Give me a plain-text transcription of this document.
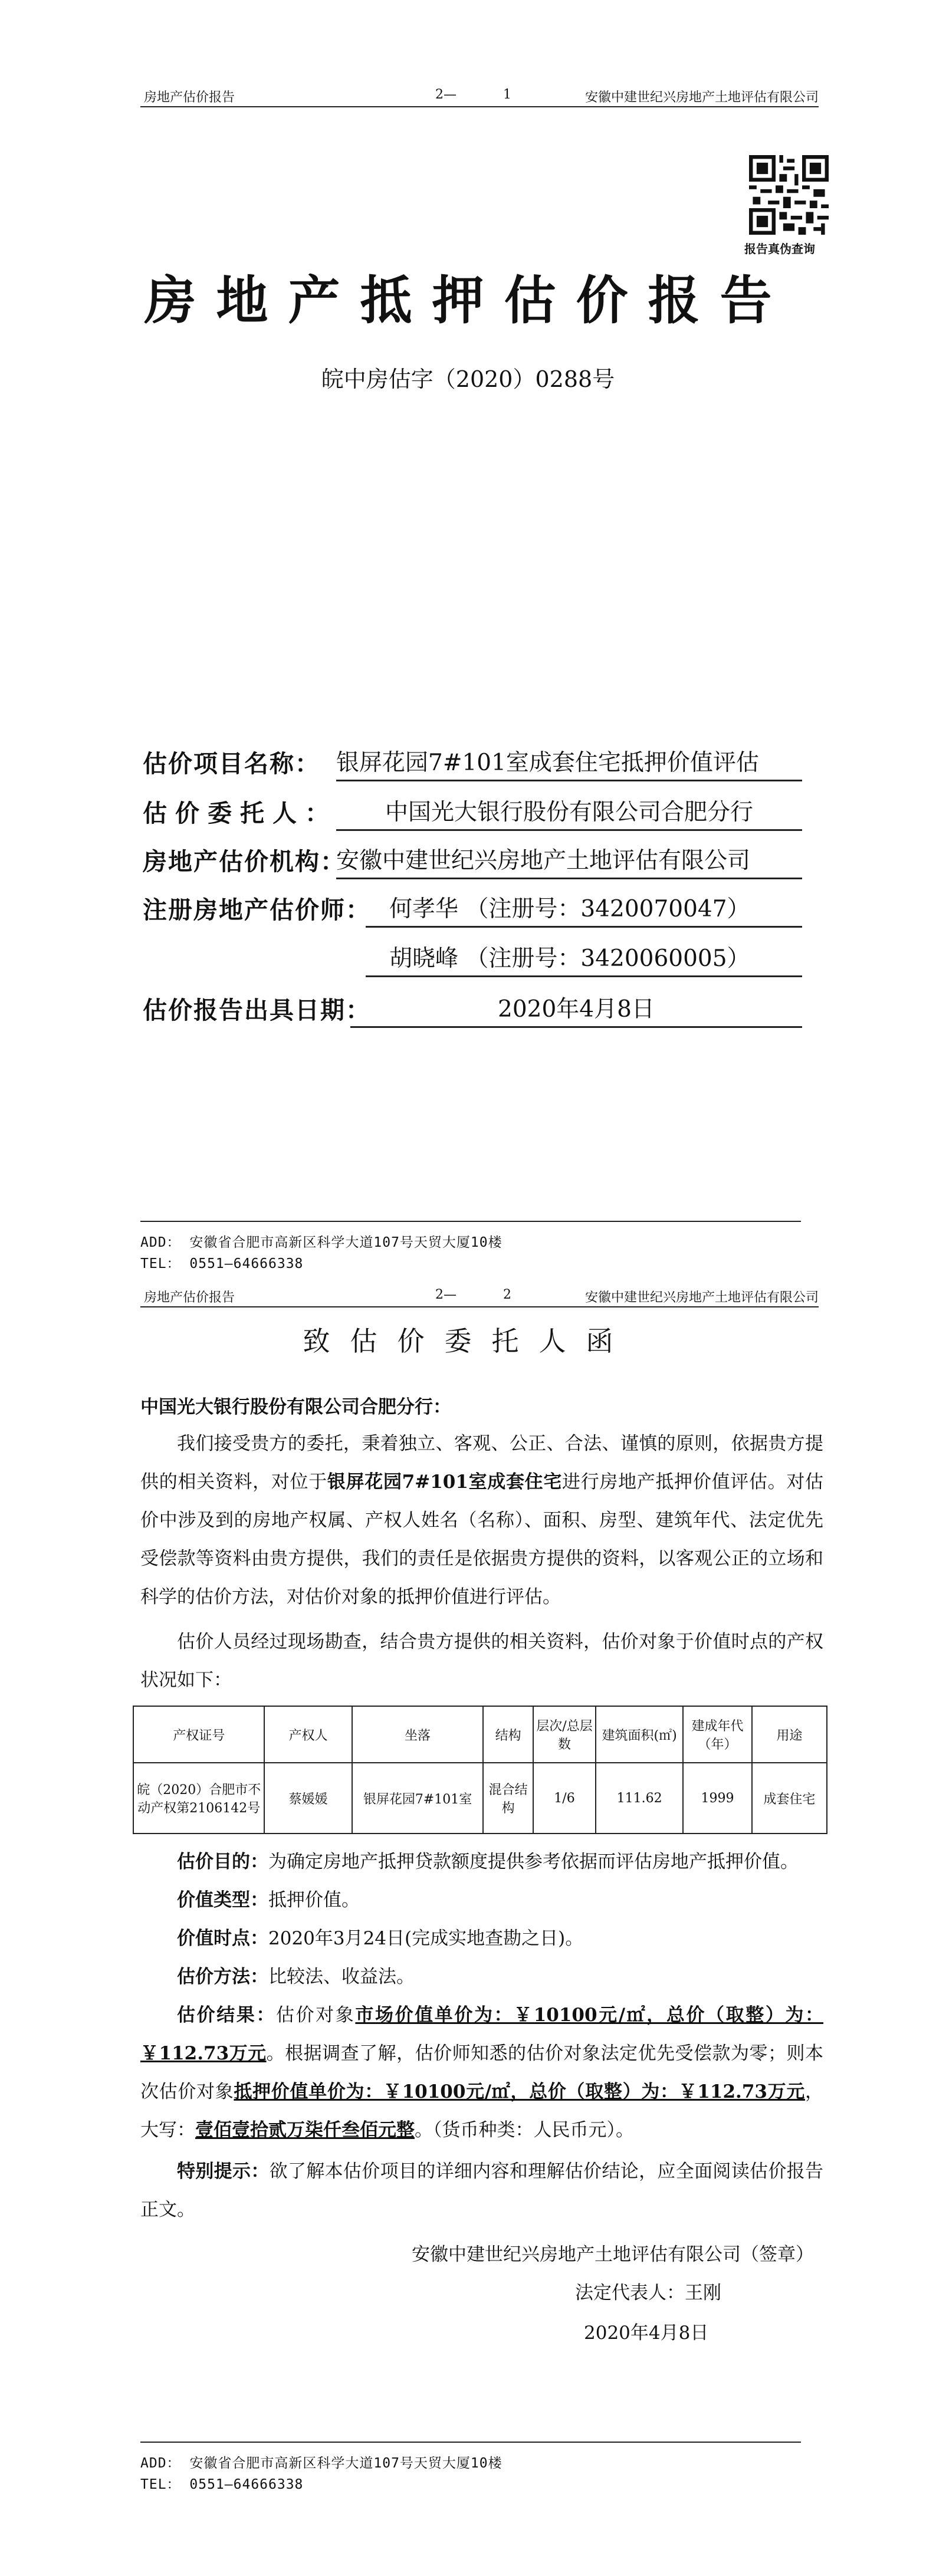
房地产估价报告	2—	1	安徽中建世纪兴房地产土地评估有限公司
报告真伪查询
房地产抵押估价报告
皖中房估字（2020）0288号
估价项目名称： 银屏花园7#101室成套住宅抵押价值评估
估价委托人：	中国光大银行股份有限公司合肥分行
房地产估价机构：
安徽中建世纪兴房地产土地评估有限公司
注册房地产估价师： 何孝华 （注册号：3420070047）
胡晓峰 （注册号：3420060005）
估价报告出具日期：	2020年4月8日
ADD： 安徽省合肥市高新区科学大道107号天贸大厦10楼
TEL： 0551—64666338
房地产估价报告	2—	2	安徽中建世纪兴房地产土地评估有限公司
致估价委托人函
中国光大银行股份有限公司合肥分行：
我们接受贵方的委托，秉着独立、客观、公正、合法、谨慎的原则，依据贵方提供的相关资料，对位于银屏花园7#101室成套住宅进行房地产抵押价值评估。对估价中涉及到的房地产权属、产权人姓名（名称）、面积、房型、建筑年代、法定优先受偿款等资料由贵方提供，我们的责任是依据贵方提供的资料，以客观公正的立场和科学的估价方法，对估价对象的抵押价值进行评估。
估价人员经过现场勘查，结合贵方提供的相关资料，估价对象于价值时点的产权状况如下：
产权证号	产权人	坐落	结构	层次/总层数	建筑面积(㎡)	建成年代（年）	用途
皖（2020）合肥市不动产权第2106142号	蔡媛媛	银屏花园7#101室	混合结构	1/6	111.62	1999	成套住宅
估价目的：为确定房地产抵押贷款额度提供参考依据而评估房地产抵押价值。
价值类型：抵押价值。
价值时点：2020年3月24日(完成实地查勘之日)。
估价方法：比较法、收益法。
估价结果：估价对象市场价值单价为：￥10100元/㎡，总价（取整）为：￥112.73万元。根据调查了解，估价师知悉的估价对象法定优先受偿款为零；则本次估价对象抵押价值单价为：￥10100元/㎡，总价（取整）为：￥112.73万元，大写：壹佰壹拾贰万柒仟叁佰元整。（货币种类：人民币元）。
特别提示：欲了解本估价项目的详细内容和理解估价结论，应全面阅读估价报告正文。
安徽中建世纪兴房地产土地评估有限公司（签章）
法定代表人：王刚
2020年4月8日
ADD： 安徽省合肥市高新区科学大道107号天贸大厦10楼
TEL： 0551—64666338
